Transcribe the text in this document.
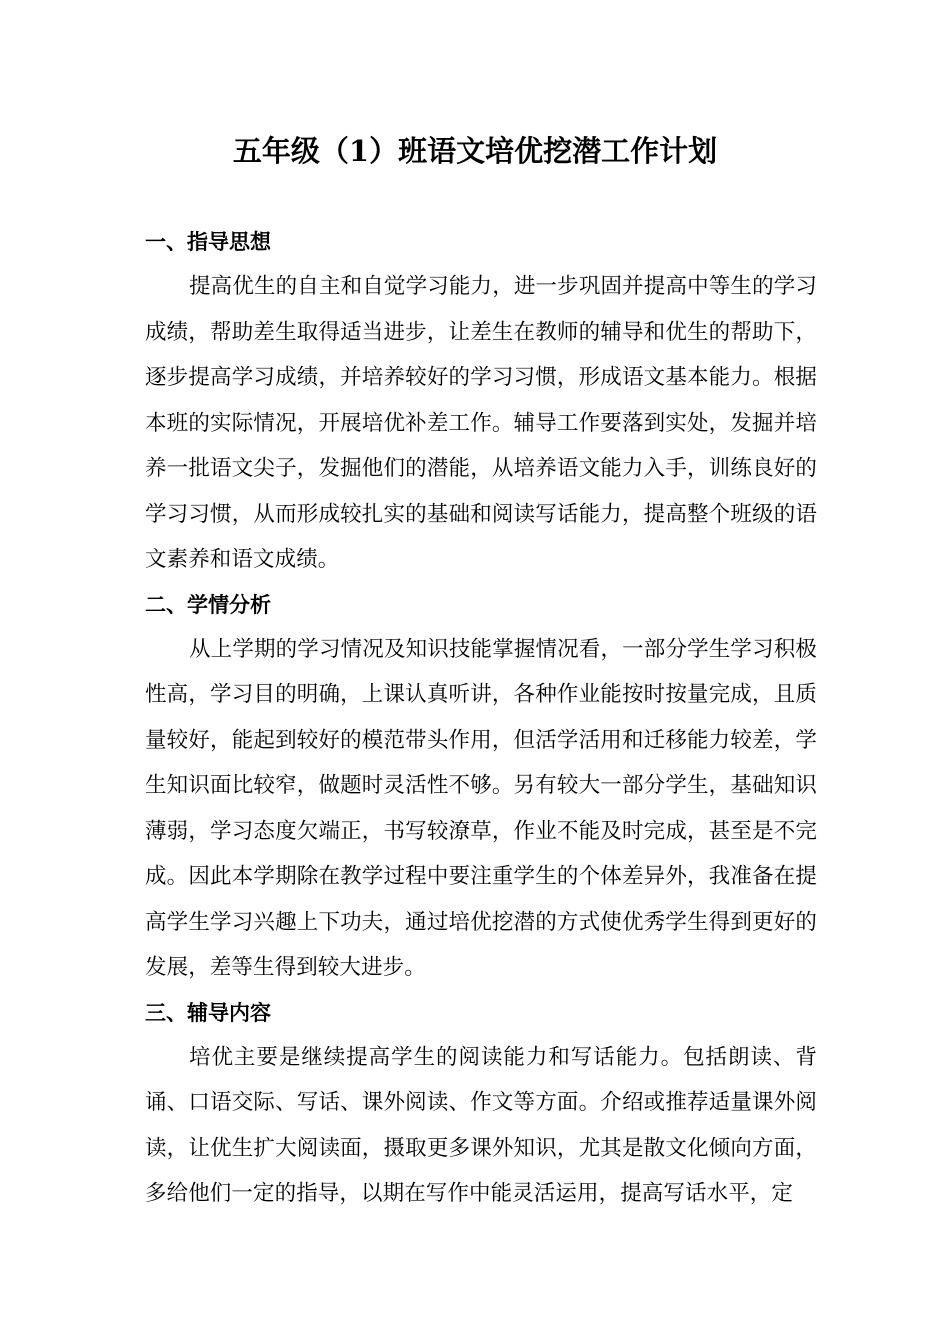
五年级（1）班语文培优挖潜工作计划

一、指导思想

提高优生的自主和自觉学习能力，进一步巩固并提高中等生的学习成绩，帮助差生取得适当进步，让差生在教师的辅导和优生的帮助下，逐步提高学习成绩，并培养较好的学习习惯，形成语文基本能力。根据本班的实际情况，开展培优补差工作。辅导工作要落到实处，发掘并培养一批语文尖子，发掘他们的潜能，从培养语文能力入手，训练良好的学习习惯，从而形成较扎实的基础和阅读写话能力，提高整个班级的语文素养和语文成绩。

二、学情分析

从上学期的学习情况及知识技能掌握情况看，一部分学生学习积极性高，学习目的明确，上课认真听讲，各种作业能按时按量完成，且质量较好，能起到较好的模范带头作用，但活学活用和迁移能力较差，学生知识面比较窄，做题时灵活性不够。另有较大一部分学生，基础知识薄弱，学习态度欠端正，书写较潦草，作业不能及时完成，甚至是不完成。因此本学期除在教学过程中要注重学生的个体差异外，我准备在提高学生学习兴趣上下功夫，通过培优挖潜的方式使优秀学生得到更好的发展，差等生得到较大进步。

三、辅导内容

培优主要是继续提高学生的阅读能力和写话能力。包括朗读、背诵、口语交际、写话、课外阅读、作文等方面。介绍或推荐适量课外阅读，让优生扩大阅读面，摄取更多课外知识，尤其是散文化倾向方面，多给他们一定的指导，以期在写作中能灵活运用，提高写话水平，定
